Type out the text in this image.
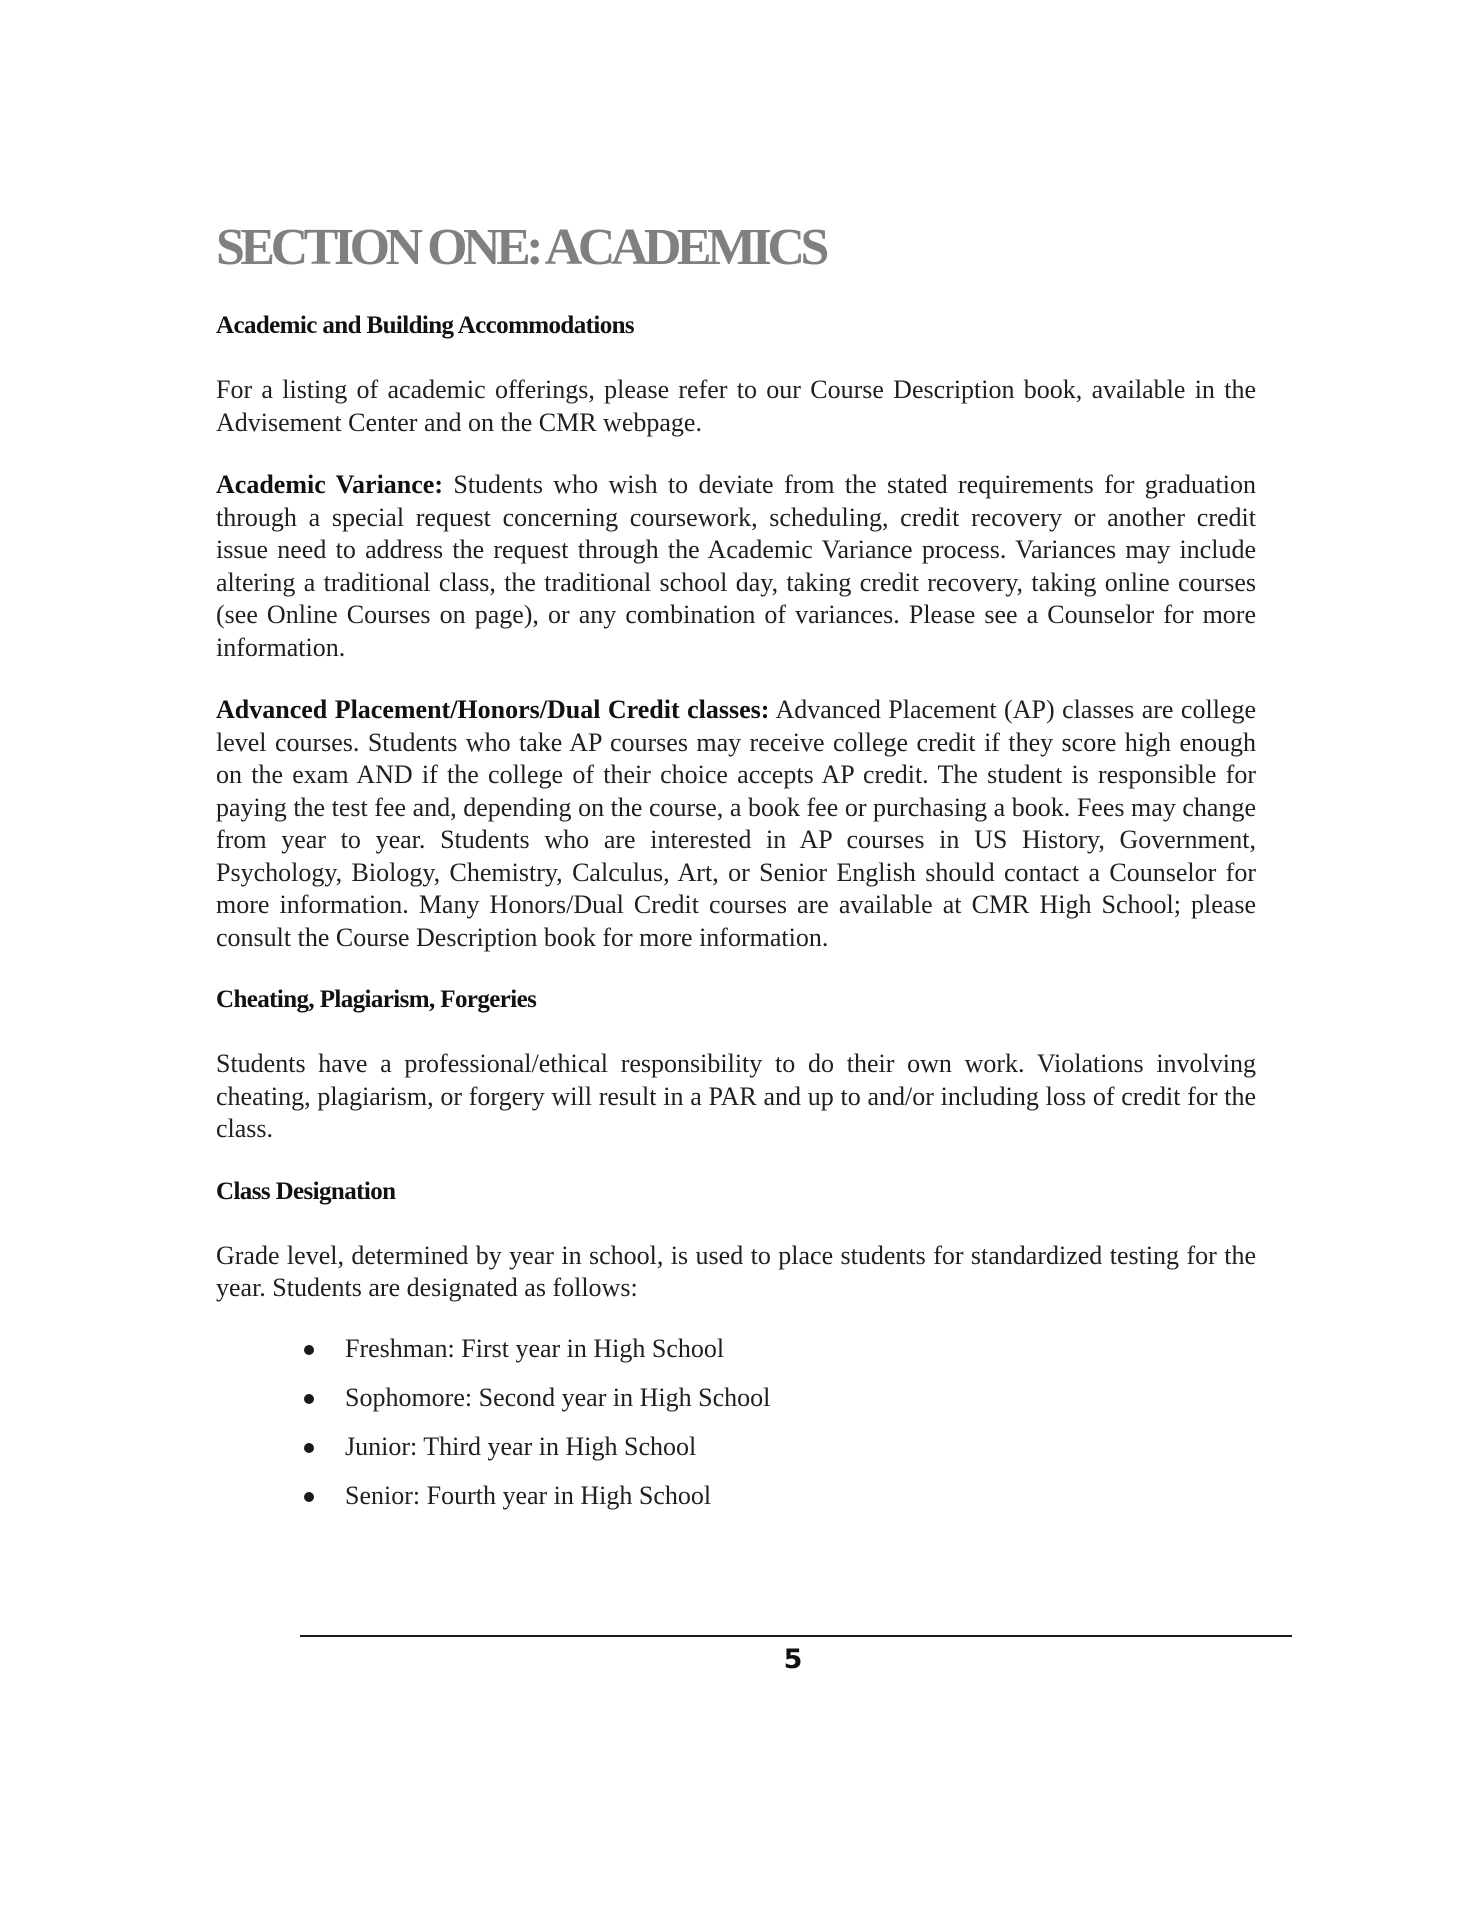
SECTION ONE: ACADEMICS
Academic and Building Accommodations

For a listing of academic offerings, please refer to our Course Description book, available in the Advisement Center and on the CMR webpage.

Academic Variance: Students who wish to deviate from the stated requirements for graduation through a special request concerning coursework, scheduling, credit recovery or another credit issue need to address the request through the Academic Variance process. Variances may include altering a traditional class, the traditional school day, taking credit recovery, taking online courses (see Online Courses on page), or any combination of variances. Please see a Counselor for more information.

Advanced Placement/Honors/Dual Credit classes: Advanced Placement (AP) classes are college level courses. Students who take AP courses may receive college credit if they score high enough on the exam AND if the college of their choice accepts AP credit. The student is responsible for paying the test fee and, depending on the course, a book fee or purchasing a book. Fees may change from year to year. Students who are interested in AP courses in US History, Government, Psychology, Biology, Chemistry, Calculus, Art, or Senior English should contact a Counselor for more information. Many Honors/Dual Credit courses are available at CMR High School; please consult the Course Description book for more information.

Cheating, Plagiarism, Forgeries

Students have a professional/ethical responsibility to do their own work. Violations involving cheating, plagiarism, or forgery will result in a PAR and up to and/or including loss of credit for the class.

Class Designation

Grade level, determined by year in school, is used to place students for standardized testing for the year. Students are designated as follows:

Freshman: First year in High School
Sophomore: Second year in High School
Junior: Third year in High School
Senior: Fourth year in High School
5
